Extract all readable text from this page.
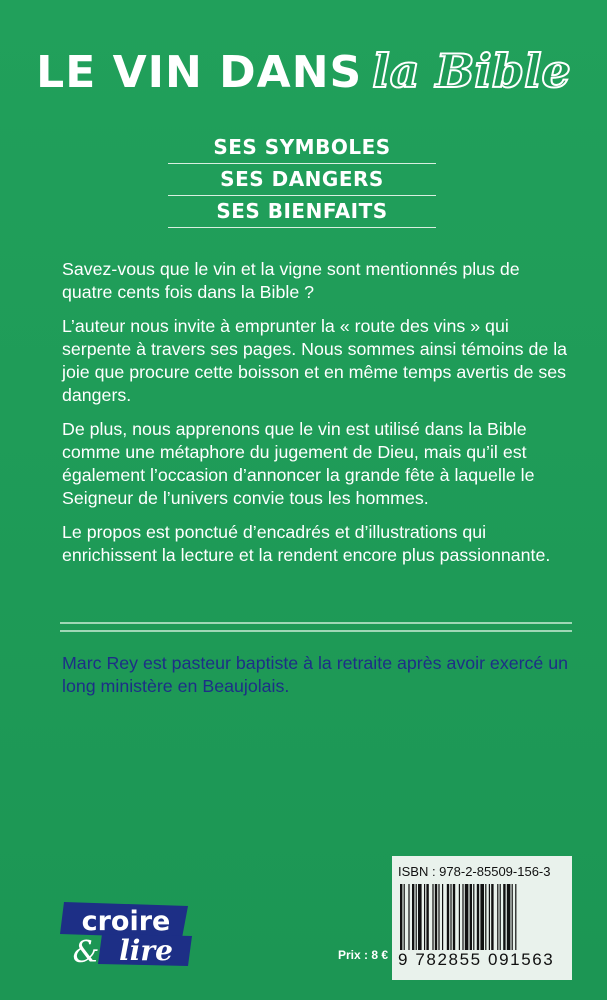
LE VIN DANS la Bible
SES SYMBOLES
SES DANGERS
SES BIENFAITS

Savez-vous que le vin et la vigne sont mentionnés plus de quatre cents fois dans la Bible ?

L’auteur nous invite à emprunter la « route des vins » qui serpente à travers ses pages. Nous sommes ainsi témoins de la joie que procure cette boisson et en même temps avertis de ses dangers.

De plus, nous apprenons que le vin est utilisé dans la Bible comme une métaphore du jugement de Dieu, mais qu’il est également l’occasion d’annoncer la grande fête à laquelle le Seigneur de l’univers convie tous les hommes.

Le propos est ponctué d’encadrés et d’illustrations qui enrichissent la lecture et la rendent encore plus passionnante.

Marc Rey est pasteur baptiste à la retraite après avoir exercé un long ministère en Beaujolais.

croire
& lire	Prix : 8 €
ISBN : 978-2-85509-156-3
9 782855 091563
